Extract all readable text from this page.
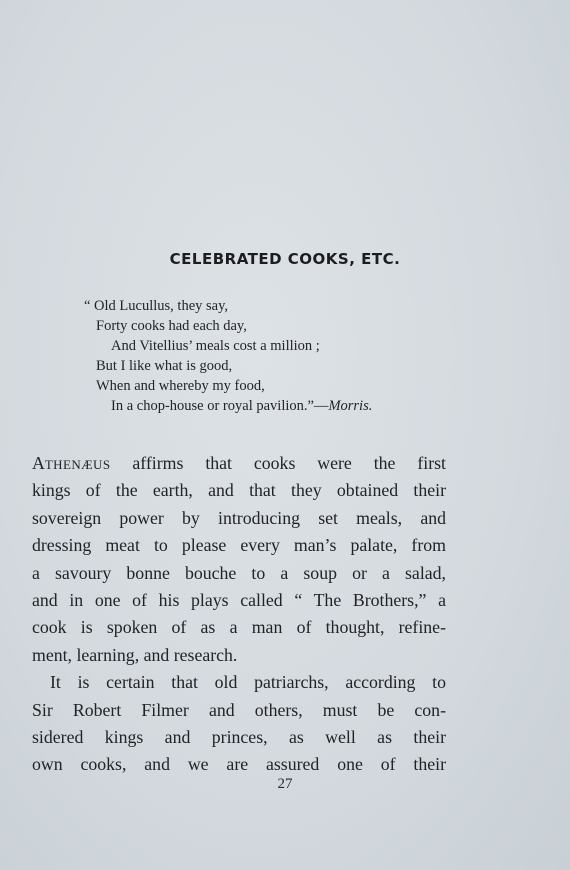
CELEBRATED COOKS, ETC.
“ Old Lucullus, they say,
Forty cooks had each day,
And Vitellius’ meals cost a million ;
But I like what is good,
When and whereby my food,
In a chop-house or royal pavilion.”—Morris.
ATHENÆUS affirms that cooks were the first
kings of the earth, and that they obtained their
sovereign power by introducing set meals, and
dressing meat to please every man’s palate, from
a savoury bonne bouche to a soup or a salad,
and in one of his plays called “ The Brothers,” a
cook is spoken of as a man of thought, refine-
ment, learning, and research.
It is certain that old patriarchs, according to
Sir Robert Filmer and others, must be con-
sidered kings and princes, as well as their
own cooks, and we are assured one of their
27
